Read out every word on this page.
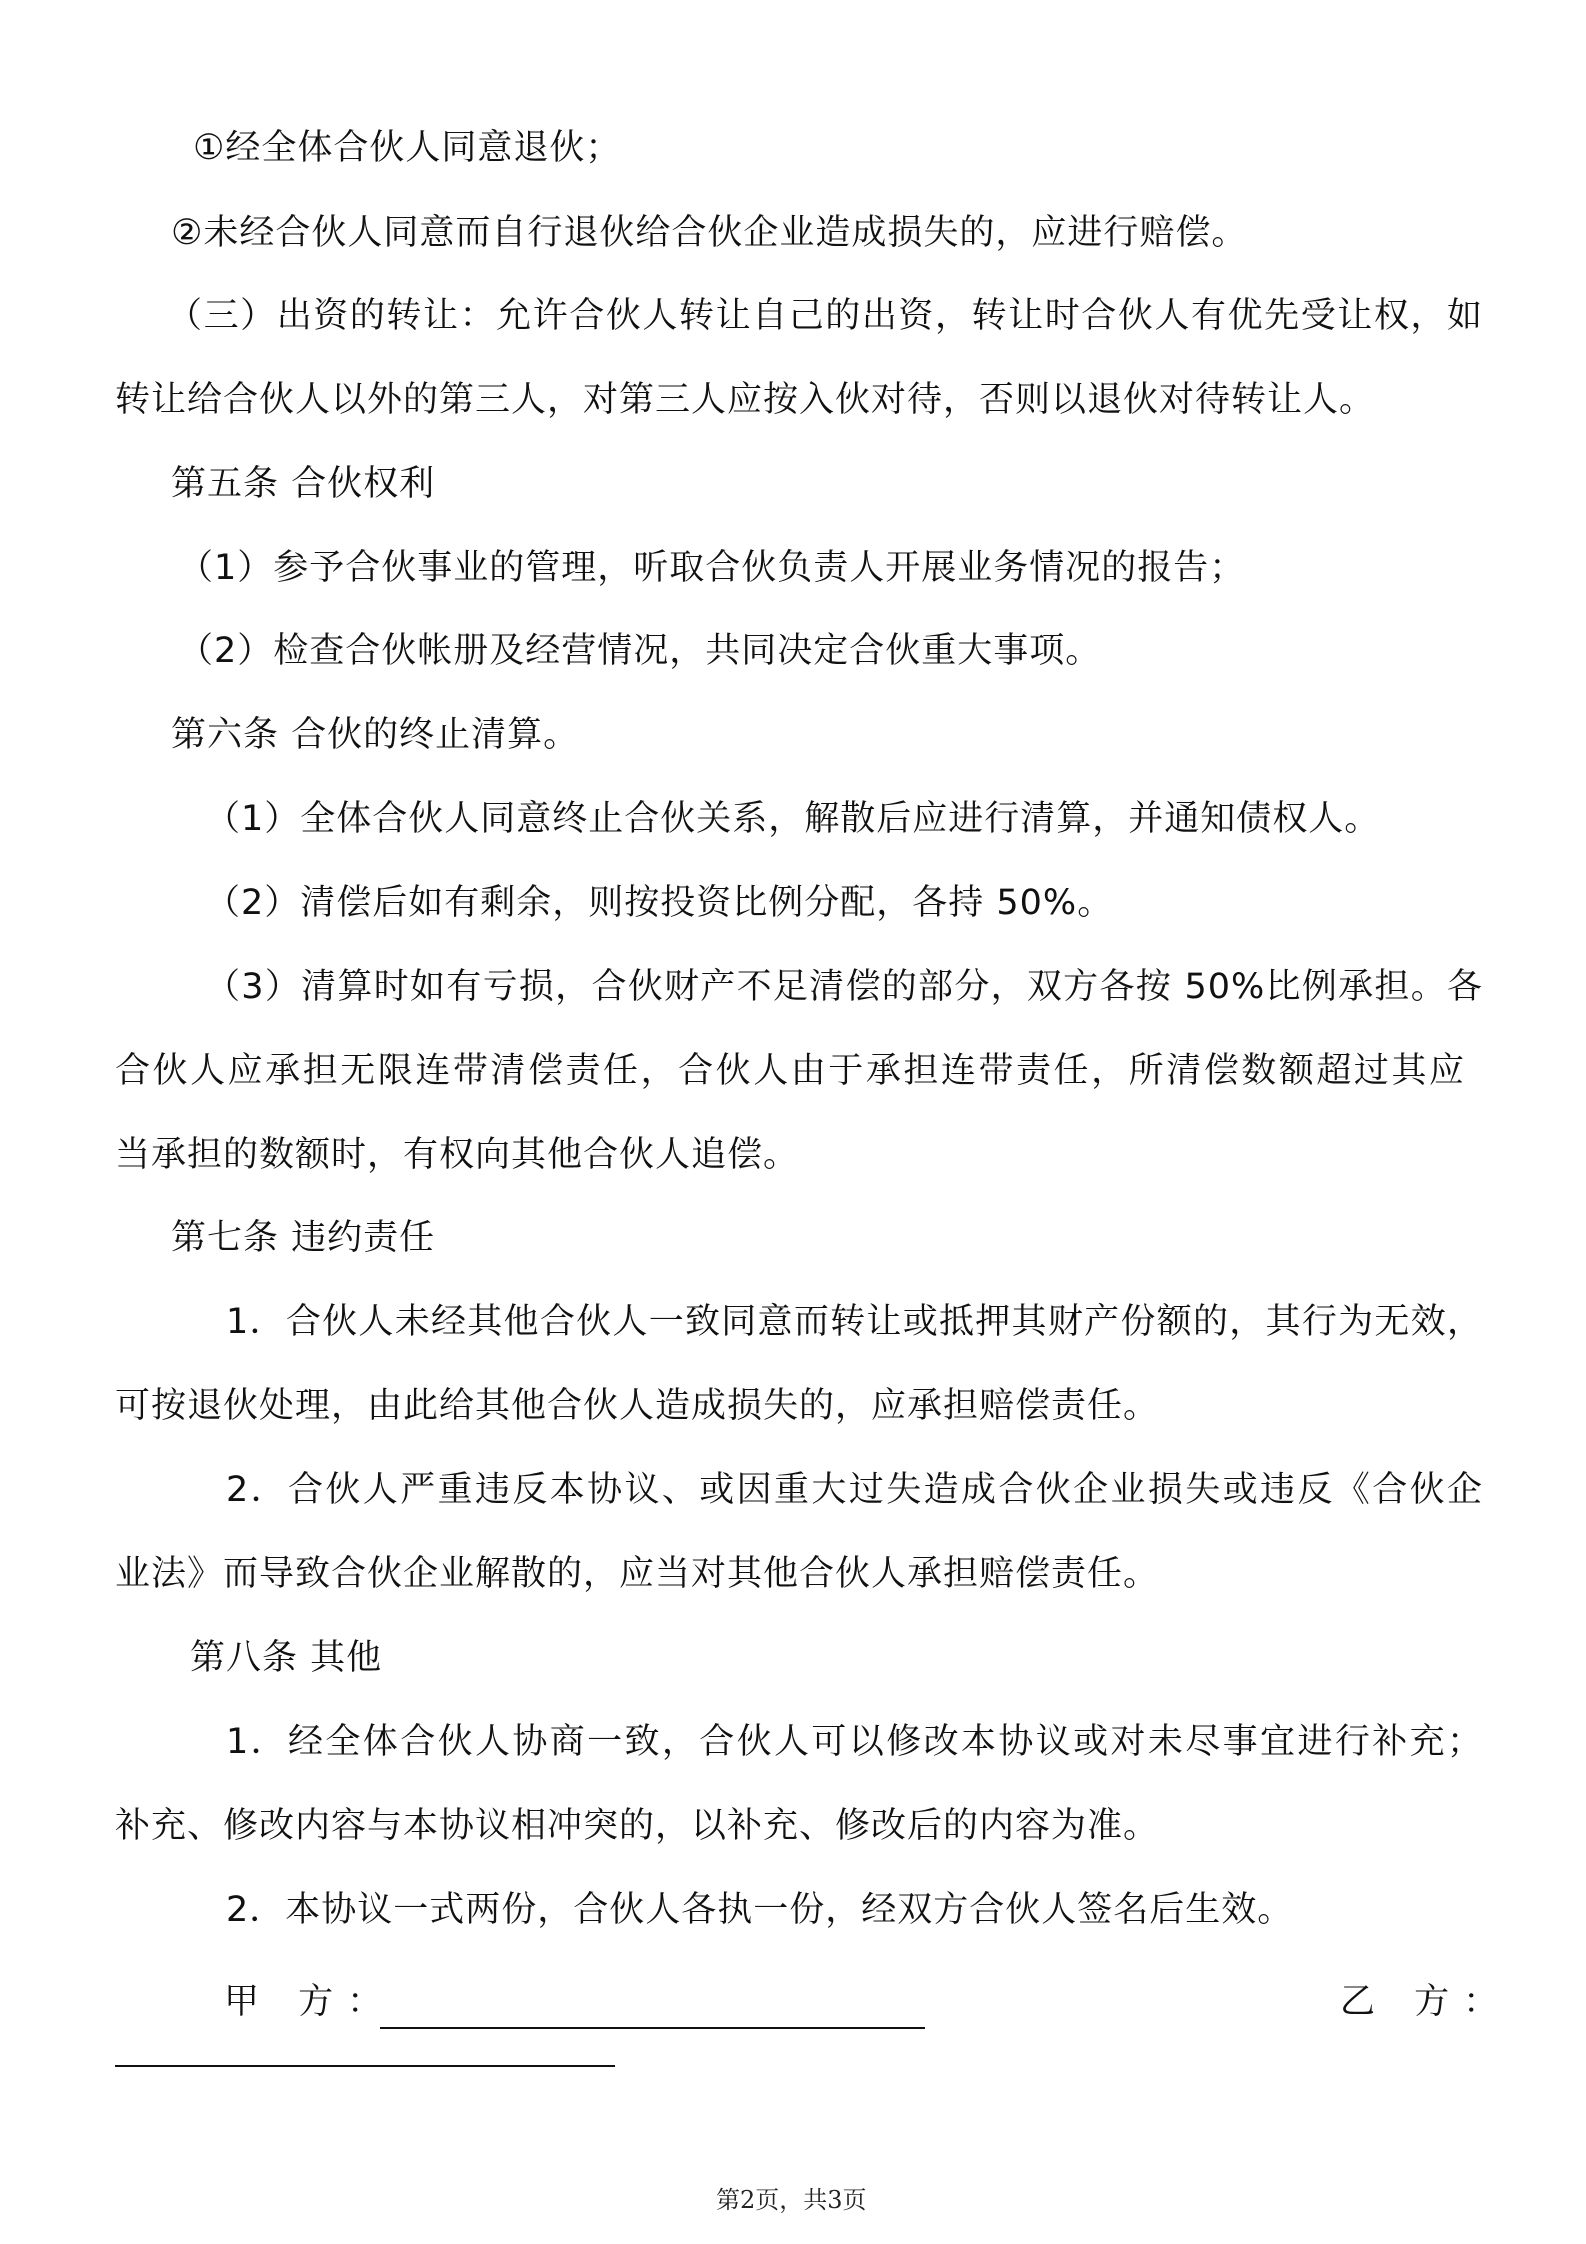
①经全体合伙人同意退伙；
②未经合伙人同意而自行退伙给合伙企业造成损失的，应进行赔偿。
（三）出资的转让：允许合伙人转让自己的出资，转让时合伙人有优先受让权，如
转让给合伙人以外的第三人，对第三人应按入伙对待，否则以退伙对待转让人。
第五条 合伙权利
（1）参予合伙事业的管理，听取合伙负责人开展业务情况的报告；
（2）检查合伙帐册及经营情况，共同决定合伙重大事项。
第六条 合伙的终止清算。
（1）全体合伙人同意终止合伙关系，解散后应进行清算，并通知债权人。
（2）清偿后如有剩余，则按投资比例分配，各持 50%。
（3）清算时如有亏损，合伙财产不足清偿的部分，双方各按 50%比例承担。各
合伙人应承担无限连带清偿责任，合伙人由于承担连带责任，所清偿数额超过其应
当承担的数额时，有权向其他合伙人追偿。
第七条 违约责任
1．合伙人未经其他合伙人一致同意而转让或抵押其财产份额的，其行为无效，
可按退伙处理，由此给其他合伙人造成损失的，应承担赔偿责任。
2．合伙人严重违反本协议、或因重大过失造成合伙企业损失或违反《合伙企
业法》而导致合伙企业解散的，应当对其他合伙人承担赔偿责任。
第八条 其他
1．经全体合伙人协商一致，合伙人可以修改本协议或对未尽事宜进行补充；
补充、修改内容与本协议相冲突的，以补充、修改后的内容为准。
2．本协议一式两份，合伙人各执一份，经双方合伙人签名后生效。
甲 方：	乙 方：
第2页，共3页
